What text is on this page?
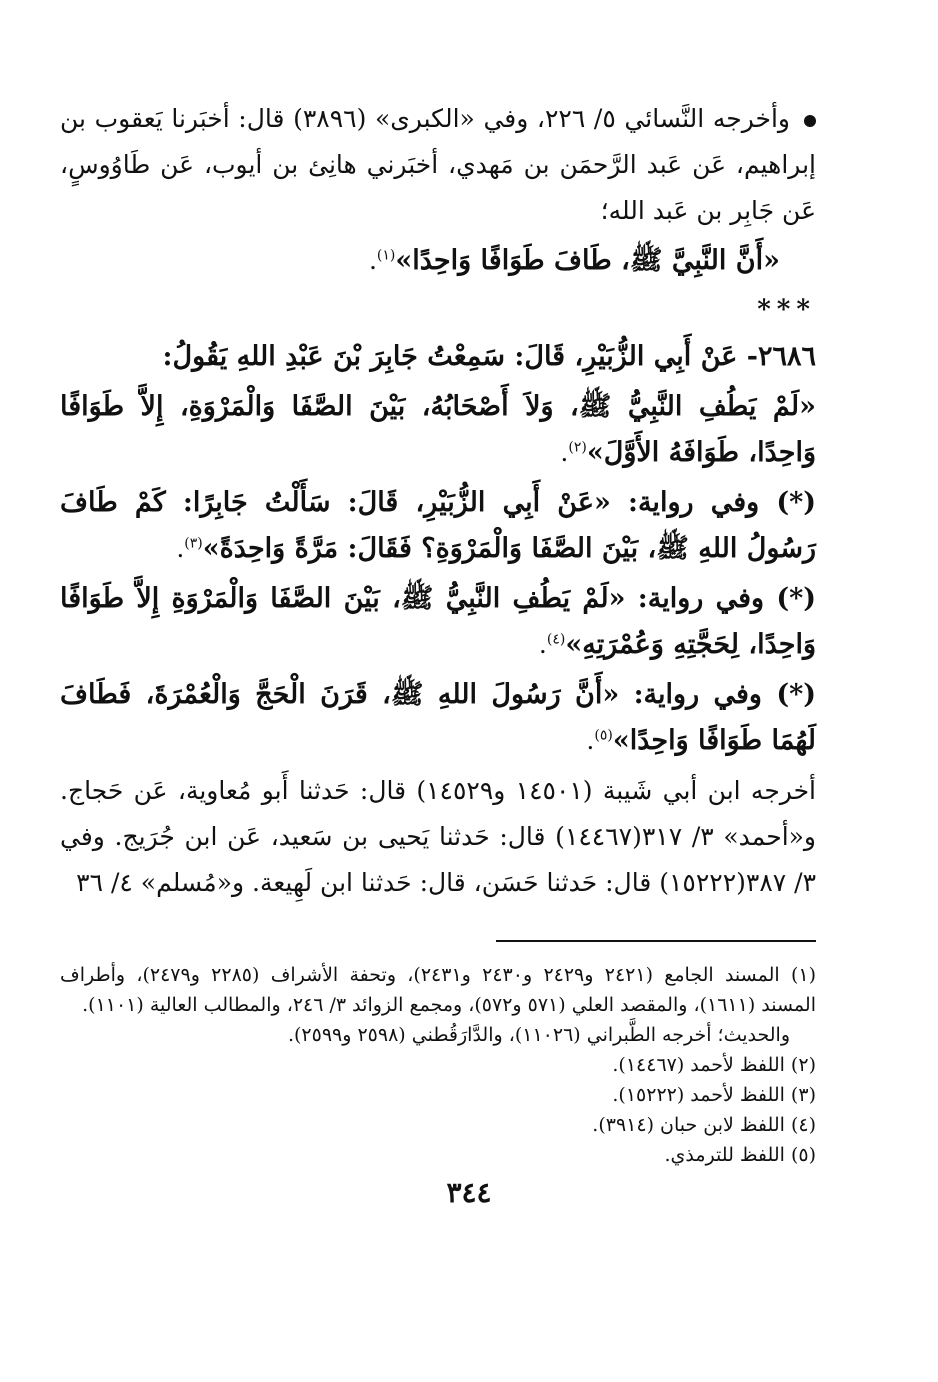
وأخرجه النَّسائي ٥/ ٢٢٦، وفي «الكبرى» (٣٨٩٦) قال: أخبَرنا يَعقوب بن إبراهيم، عَن عَبد الرَّحمَن بن مَهدي، أخبَرني هانِئ بن أيوب، عَن طَاوُوسٍ، عَن جَابِر بن عَبد الله؛

«أَنَّ النَّبِيَّ ﷺ، طَافَ طَوَافًا وَاحِدًا»$^{(١)}$.

***

٢٦٨٦- عَنْ أَبِي الزُّبَيْرِ، قَالَ: سَمِعْتُ جَابِرَ بْنَ عَبْدِ اللهِ يَقُولُ:

«لَمْ يَطُفِ النَّبِيُّ ﷺ، وَلاَ أَصْحَابُهُ، بَيْنَ الصَّفَا وَالْمَرْوَةِ، إِلاَّ طَوَافًا وَاحِدًا، طَوَافَهُ الأَوَّلَ»$^{(٢)}$.

(*) وفي رواية: «عَنْ أَبِي الزُّبَيْرِ، قَالَ: سَأَلْتُ جَابِرًا: كَمْ طَافَ رَسُولُ اللهِ ﷺ، بَيْنَ الصَّفَا وَالْمَرْوَةِ؟ فَقَالَ: مَرَّةً وَاحِدَةً»$^{(٣)}$.

(*) وفي رواية: «لَمْ يَطُفِ النَّبِيُّ ﷺ، بَيْنَ الصَّفَا وَالْمَرْوَةِ إِلاَّ طَوَافًا وَاحِدًا، لِحَجَّتِهِ وَعُمْرَتِهِ»$^{(٤)}$.

(*) وفي رواية: «أَنَّ رَسُولَ اللهِ ﷺ، قَرَنَ الْحَجَّ وَالْعُمْرَةَ، فَطَافَ لَهُمَا طَوَافًا وَاحِدًا»$^{(٥)}$.

أخرجه ابن أبي شَيبة (١٤٥٠١ و١٤٥٢٩) قال: حَدثنا أَبو مُعاوية، عَن حَجاج. و«أحمد» ٣/ ٣١٧(١٤٤٦٧) قال: حَدثنا يَحيى بن سَعيد، عَن ابن جُرَيج. وفي ٣/ ٣٨٧(١٥٢٢٢) قال: حَدثنا حَسَن، قال: حَدثنا ابن لَهِيعة. و«مُسلم» ٤/ ٣٦

(١) المسند الجامع (٢٤٢١ و٢٤٢٩ و٢٤٣٠ و٢٤٣١)، وتحفة الأشراف (٢٢٨٥ و٢٤٧٩)، وأطراف المسند (١٦١١)، والمقصد العلي (٥٧١ و٥٧٢)، ومجمع الزوائد ٣/ ٢٤٦، والمطالب العالية (١١٠١).

والحديث؛ أخرجه الطَّبراني (١١٠٢٦)، والدَّارَقُطني (٢٥٩٨ و٢٥٩٩).

(٢) اللفظ لأحمد (١٤٤٦٧).

(٣) اللفظ لأحمد (١٥٢٢٢).

(٤) اللفظ لابن حبان (٣٩١٤).

(٥) اللفظ للترمذي.

٣٤٤
